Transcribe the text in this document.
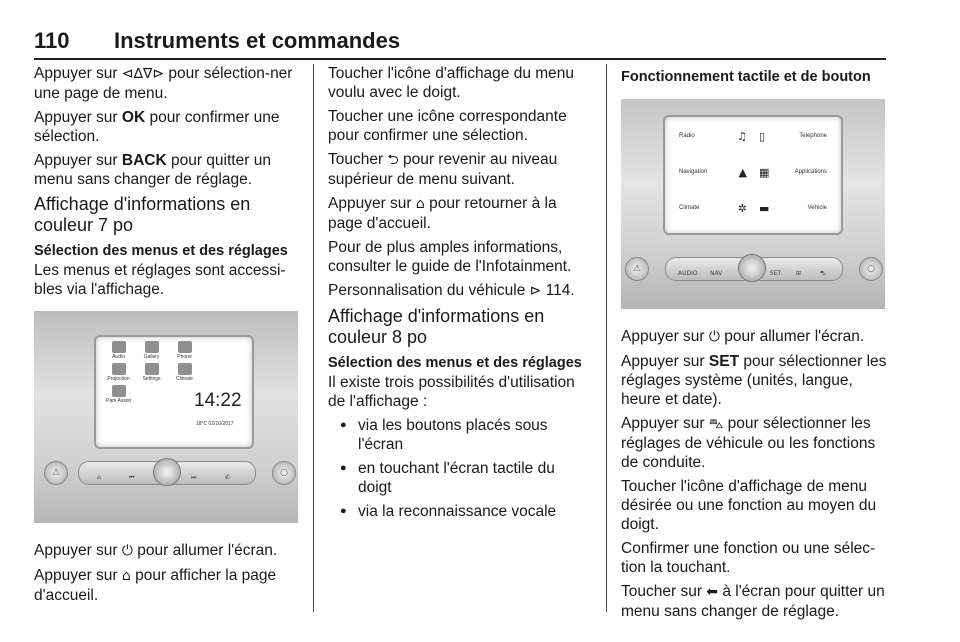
110 Instruments et commandes

Appuyer sur ⊲∆∇⊳ pour sélection-ner une page de menu.

Appuyer sur OK pour confirmer une sélection.

Appuyer sur BACK pour quitter un menu sans changer de réglage.

Affichage d'informations en couleur 7 po
Sélection des menus et des réglages

Les menus et réglages sont accessi-bles via l'affichage.

Audio	Gallery	Phone
Projection	Settings	Climate
Park Assist	14:22
18°C 02/10/2017
⚠	○
⌂	⏮	⏭	✆

Appuyer sur ⏻ pour allumer l'écran.

Appuyer sur ⌂ pour afficher la page d'accueil.

Toucher l'icône d'affichage du menu voulu avec le doigt.

Toucher une icône correspondante pour confirmer une sélection.

Toucher ⮌ pour revenir au niveau supérieur de menu suivant.

Appuyer sur ⌂ pour retourner à la page d'accueil.

Pour de plus amples informations, consulter le guide de l'Infotainment.

Personnalisation du véhicule ⊳ 114.

Affichage d'informations en couleur 8 po
Sélection des menus et des réglages

Il existe trois possibilités d'utilisation de l'affichage :

● via les boutons placés sous l'écran
● en touchant l'écran tactile du doigt
● via la reconnaissance vocale
Fonctionnement tactile et de bouton
Radio	♫ ▯	Telephone
Navigation	▲ ▦	Applications
Climate	✲ ▬	Vehicle
⚠	○
AUDIO NAV	SET ⊞	⛍

Appuyer sur ⏻ pour allumer l'écran.

Appuyer sur SET pour sélectionner les réglages système (unités, langue, heure et date).

Appuyer sur ⛍ pour sélectionner les réglages de véhicule ou les fonctions de conduite.

Toucher l'icône d'affichage de menu désirée ou une fonction au moyen du doigt.

Confirmer une fonction ou une sélec-tion la touchant.

Toucher sur ⬅ à l'écran pour quitter un menu sans changer de réglage.
